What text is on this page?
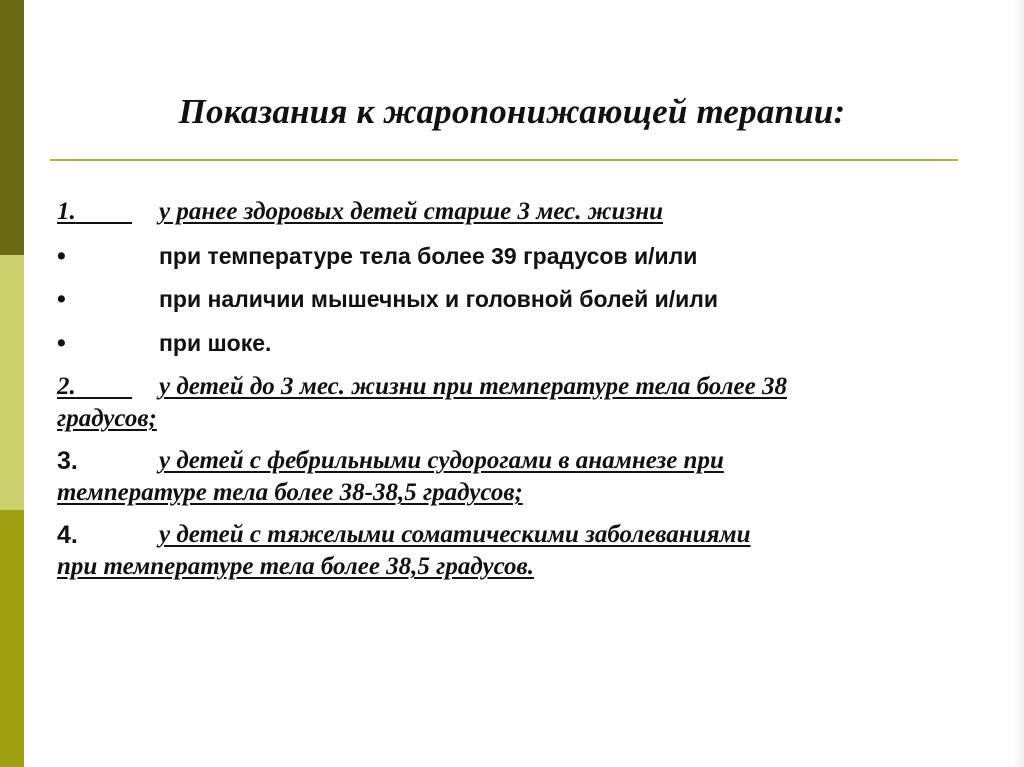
Показания к жаропонижающей терапии:
1.	у ранее здоровых детей старше 3 мес. жизни
•	при температуре тела более 39 градусов и/или
•	при наличии мышечных и головной болей и/или
•	при шоке.
2.	у детей до 3 мес. жизни при температуре тела более 38
градусов;
3.	у детей с фебрильными судорогами в анамнезе при
температуре тела более 38-38,5 градусов;
4.	у детей с тяжелыми соматическими заболеваниями
при температуре тела более 38,5 градусов.
